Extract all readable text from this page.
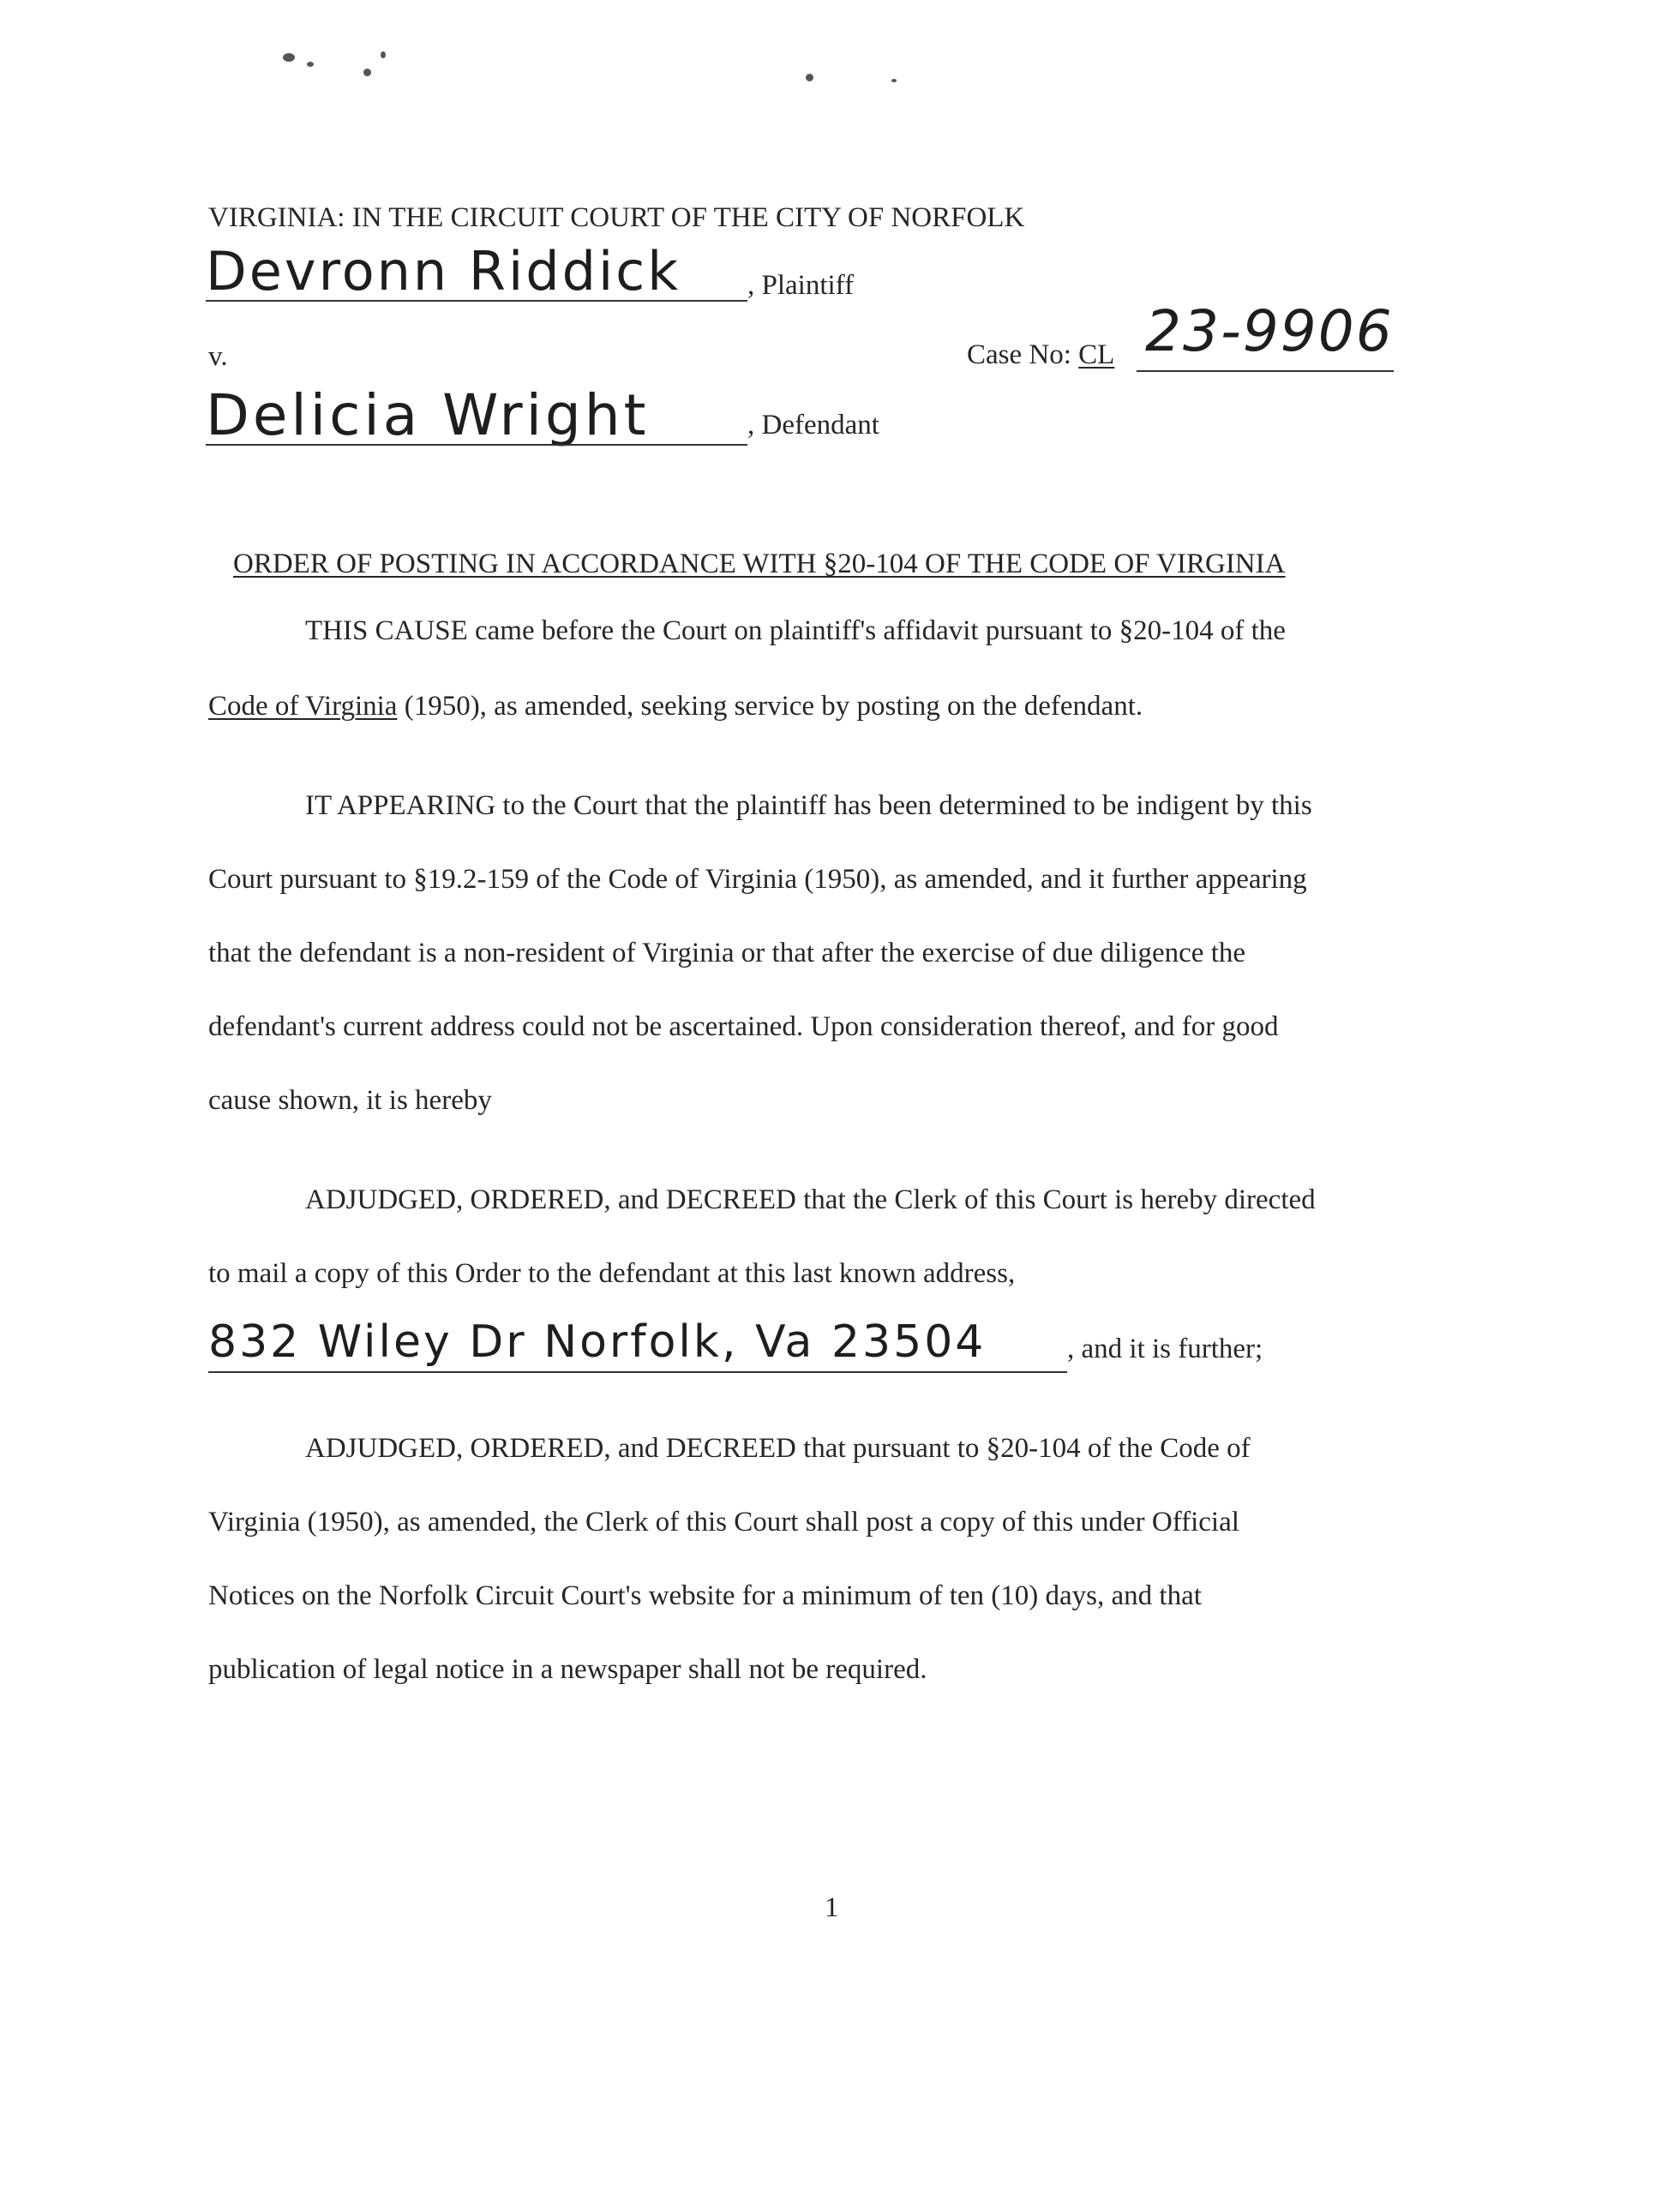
VIRGINIA: IN THE CIRCUIT COURT OF THE CITY OF NORFOLK
Devronn Riddick , Plaintiff
v.	Case No: CL 23-9906
Delicia Wright	, Defendant
ORDER OF POSTING IN ACCORDANCE WITH §20-104 OF THE CODE OF VIRGINIA
THIS CAUSE came before the Court on plaintiff's affidavit pursuant to §20-104 of the
Code of Virginia (1950), as amended, seeking service by posting on the defendant.
IT APPEARING to the Court that the plaintiff has been determined to be indigent by this
Court pursuant to §19.2-159 of the Code of Virginia (1950), as amended, and it further appearing
that the defendant is a non-resident of Virginia or that after the exercise of due diligence the
defendant's current address could not be ascertained. Upon consideration thereof, and for good
cause shown, it is hereby
ADJUDGED, ORDERED, and DECREED that the Clerk of this Court is hereby directed
to mail a copy of this Order to the defendant at this last known address,
832 Wiley Dr Norfolk, Va 23504	, and it is further;
ADJUDGED, ORDERED, and DECREED that pursuant to §20-104 of the Code of
Virginia (1950), as amended, the Clerk of this Court shall post a copy of this under Official
Notices on the Norfolk Circuit Court's website for a minimum of ten (10) days, and that
publication of legal notice in a newspaper shall not be required.
1
